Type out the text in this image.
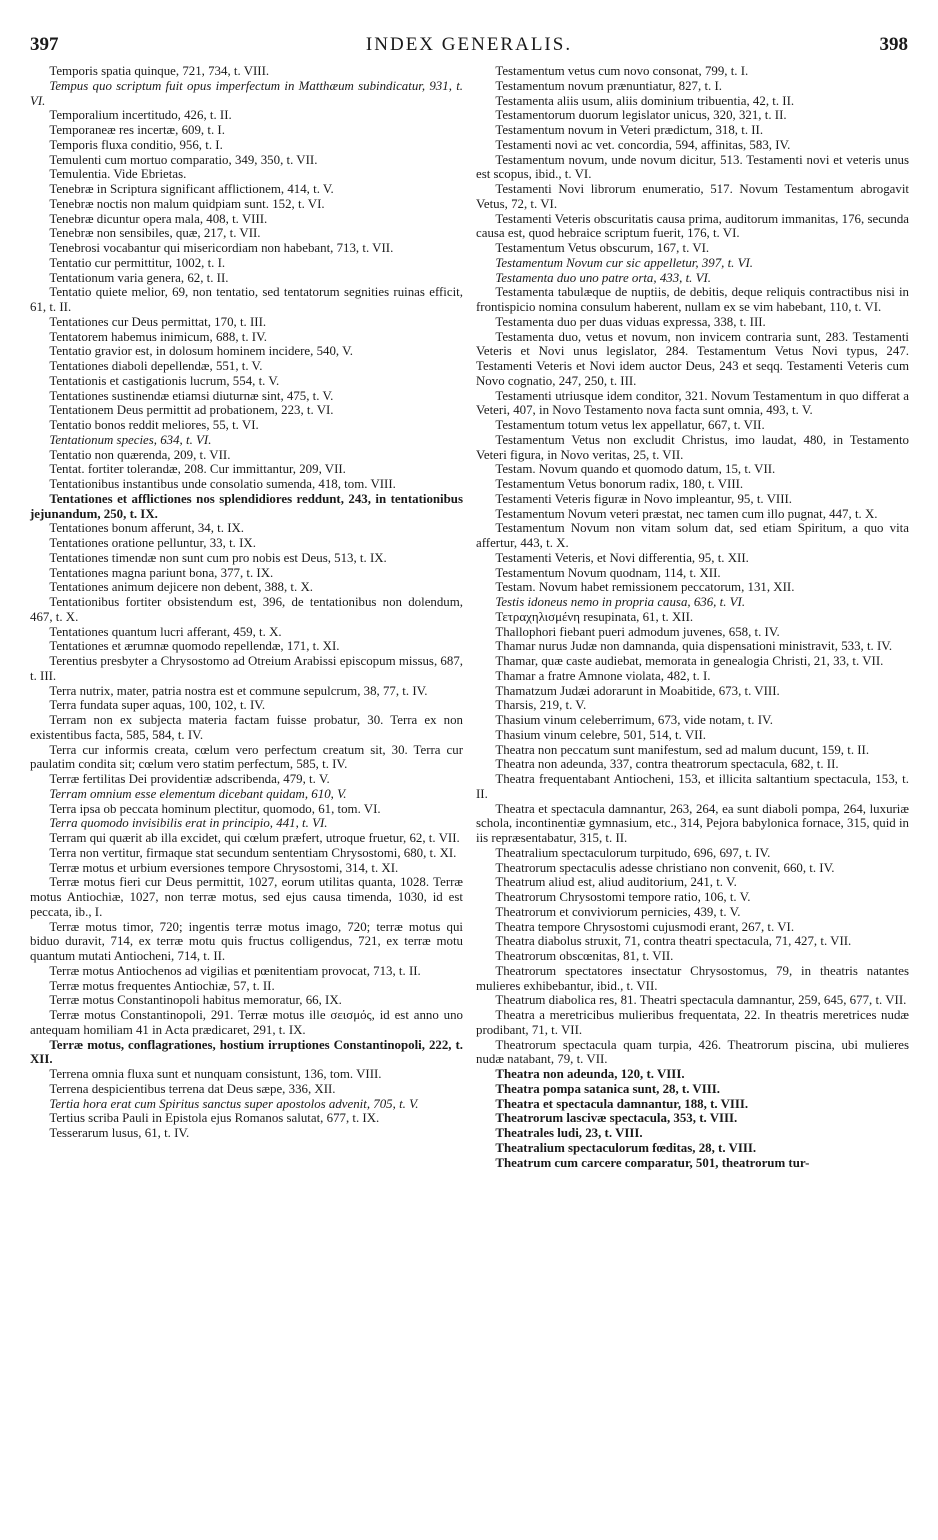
397	INDEX GENERALIS.	398

Temporis spatia quinque, 721, 734, t. VIII.

Tempus quo scriptum fuit opus imperfectum in Matthæum subindicatur, 931, t. VI.

Temporalium incertitudo, 426, t. II.

Temporaneæ res incertæ, 609, t. I.

Temporis fluxa conditio, 956, t. I.

Temulenti cum mortuo comparatio, 349, 350, t. VII.

Temulentia. Vide Ebrietas.

Tenebræ in Scriptura significant afflictionem, 414, t. V.

Tenebræ noctis non malum quidpiam sunt. 152, t. VI.

Tenebræ dicuntur opera mala, 408, t. VIII.

Tenebræ non sensibiles, quæ, 217, t. VII.

Tenebrosi vocabantur qui misericordiam non habebant, 713, t. VII.

Tentatio cur permittitur, 1002, t. I.

Tentationum varia genera, 62, t. II.

Tentatio quiete melior, 69, non tentatio, sed tentatorum segnities ruinas efficit, 61, t. II.

Tentationes cur Deus permittat, 170, t. III.

Tentatorem habemus inimicum, 688, t. IV.

Tentatio gravior est, in dolosum hominem incidere, 540, V.

Tentationes diaboli depellendæ, 551, t. V.

Tentationis et castigationis lucrum, 554, t. V.

Tentationes sustinendæ etiamsi diuturnæ sint, 475, t. V.

Tentationem Deus permittit ad probationem, 223, t. VI.

Tentatio bonos reddit meliores, 55, t. VI.

Tentationum species, 634, t. VI.

Tentatio non quærenda, 209, t. VII.

Tentat. fortiter tolerandæ, 208. Cur immittantur, 209, VII.

Tentationibus instantibus unde consolatio sumenda, 418, tom. VIII.

Tentationes et afflictiones nos splendidiores reddunt, 243, in tentationibus jejunandum, 250, t. IX.

Tentationes bonum afferunt, 34, t. IX.

Tentationes oratione pelluntur, 33, t. IX.

Tentationes timendæ non sunt cum pro nobis est Deus, 513, t. IX.

Tentationes magna pariunt bona, 377, t. IX.

Tentationes animum dejicere non debent, 388, t. X.

Tentationibus fortiter obsistendum est, 396, de tentationibus non dolendum, 467, t. X.

Tentationes quantum lucri afferant, 459, t. X.

Tentationes et ærumnæ quomodo repellendæ, 171, t. XI.

Terentius presbyter a Chrysostomo ad Otreium Arabissi episcopum missus, 687, t. III.

Terra nutrix, mater, patria nostra est et commune sepulcrum, 38, 77, t. IV.

Terra fundata super aquas, 100, 102, t. IV.

Terram non ex subjecta materia factam fuisse probatur, 30. Terra ex non existentibus facta, 585, 584, t. IV.

Terra cur informis creata, cœlum vero perfectum creatum sit, 30. Terra cur paulatim condita sit; cœlum vero statim perfectum, 585, t. IV.

Terræ fertilitas Dei providentiæ adscribenda, 479, t. V.

Terram omnium esse elementum dicebant quidam, 610, V.

Terra ipsa ob peccata hominum plectitur, quomodo, 61, tom. VI.

Terra quomodo invisibilis erat in principio, 441, t. VI.

Terram qui quærit ab illa excidet, qui cœlum præfert, utroque fruetur, 62, t. VII.

Terra non vertitur, firmaque stat secundum sententiam Chrysostomi, 680, t. XI.

Terræ motus et urbium eversiones tempore Chrysostomi, 314, t. XI.

Terræ motus fieri cur Deus permittit, 1027, eorum utilitas quanta, 1028. Terræ motus Antiochiæ, 1027, non terræ motus, sed ejus causa timenda, 1030, id est peccata, ib., I.

Terræ motus timor, 720; ingentis terræ motus imago, 720; terræ motus qui biduo duravit, 714, ex terræ motu quis fructus colligendus, 721, ex terræ motu quantum mutati Antiocheni, 714, t. II.

Terræ motus Antiochenos ad vigilias et pœnitentiam provocat, 713, t. II.

Terræ motus frequentes Antiochiæ, 57, t. II.

Terræ motus Constantinopoli habitus memoratur, 66, IX.

Terræ motus Constantinopoli, 291. Terræ motus ille σεισμός, id est anno uno antequam homiliam 41 in Acta prædicaret, 291, t. IX.

Terræ motus, conflagrationes, hostium irruptiones Constantinopoli, 222, t. XII.

Terrena omnia fluxa sunt et nunquam consistunt, 136, tom. VIII.

Terrena despicientibus terrena dat Deus sæpe, 336, XII.

Tertia hora erat cum Spiritus sanctus super apostolos advenit, 705, t. V.

Tertius scriba Pauli in Epistola ejus Romanos salutat, 677, t. IX.

Tesserarum lusus, 61, t. IV.

Testamentum vetus cum novo consonat, 799, t. I.

Testamentum novum prænuntiatur, 827, t. I.

Testamenta aliis usum, aliis dominium tribuentia, 42, t. II.

Testamentorum duorum legislator unicus, 320, 321, t. II.

Testamentum novum in Veteri prædictum, 318, t. II.

Testamenti novi ac vet. concordia, 594, affinitas, 583, IV.

Testamentum novum, unde novum dicitur, 513. Testamenti novi et veteris unus est scopus, ibid., t. VI.

Testamenti Novi librorum enumeratio, 517. Novum Testamentum abrogavit Vetus, 72, t. VI.

Testamenti Veteris obscuritatis causa prima, auditorum immanitas, 176, secunda causa est, quod hebraice scriptum fuerit, 176, t. VI.

Testamentum Vetus obscurum, 167, t. VI.

Testamentum Novum cur sic appelletur, 397, t. VI.

Testamenta duo uno patre orta, 433, t. VI.

Testamenta tabulæque de nuptiis, de debitis, deque reliquis contractibus nisi in frontispicio nomina consulum haberent, nullam ex se vim habebant, 110, t. VI.

Testamenta duo per duas viduas expressa, 338, t. III.

Testamenta duo, vetus et novum, non invicem contraria sunt, 283. Testamenti Veteris et Novi unus legislator, 284. Testamentum Vetus Novi typus, 247. Testamenti Veteris et Novi idem auctor Deus, 243 et seqq. Testamenti Veteris cum Novo cognatio, 247, 250, t. III.

Testamenti utriusque idem conditor, 321. Novum Testamentum in quo differat a Veteri, 407, in Novo Testamento nova facta sunt omnia, 493, t. V.

Testamentum totum vetus lex appellatur, 667, t. VII.

Testamentum Vetus non excludit Christus, imo laudat, 480, in Testamento Veteri figura, in Novo veritas, 25, t. VII.

Testam. Novum quando et quomodo datum, 15, t. VII.

Testamentum Vetus bonorum radix, 180, t. VIII.

Testamenti Veteris figuræ in Novo impleantur, 95, t. VIII.

Testamentum Novum veteri præstat, nec tamen cum illo pugnat, 447, t. X.

Testamentum Novum non vitam solum dat, sed etiam Spiritum, a quo vita affertur, 443, t. X.

Testamenti Veteris, et Novi differentia, 95, t. XII.

Testamentum Novum quodnam, 114, t. XII.

Testam. Novum habet remissionem peccatorum, 131, XII.

Testis idoneus nemo in propria causa, 636, t. VI.

Τετραχηλισμένη resupinata, 61, t. XII.

Thallophori fiebant pueri admodum juvenes, 658, t. IV.

Thamar nurus Judæ non damnanda, quia dispensationi ministravit, 533, t. IV.

Thamar, quæ caste audiebat, memorata in genealogia Christi, 21, 33, t. VII.

Thamar a fratre Amnone violata, 482, t. I.

Thamatzum Judæi adorarunt in Moabitide, 673, t. VIII.

Tharsis, 219, t. V.

Thasium vinum celeberrimum, 673, vide notam, t. IV.

Thasium vinum celebre, 501, 514, t. VII.

Theatra non peccatum sunt manifestum, sed ad malum ducunt, 159, t. II.

Theatra non adeunda, 337, contra theatrorum spectacula, 682, t. II.

Theatra frequentabant Antiocheni, 153, et illicita saltantium spectacula, 153, t. II.

Theatra et spectacula damnantur, 263, 264, ea sunt diaboli pompa, 264, luxuriæ schola, incontinentiæ gymnasium, etc., 314, Pejora babylonica fornace, 315, quid in iis repræsentabatur, 315, t. II.

Theatralium spectaculorum turpitudo, 696, 697, t. IV.

Theatrorum spectaculis adesse christiano non convenit, 660, t. IV.

Theatrum aliud est, aliud auditorium, 241, t. V.

Theatrorum Chrysostomi tempore ratio, 106, t. V.

Theatrorum et conviviorum pernicies, 439, t. V.

Theatra tempore Chrysostomi cujusmodi erant, 267, t. VI.

Theatra diabolus struxit, 71, contra theatri spectacula, 71, 427, t. VII.

Theatrorum obscœnitas, 81, t. VII.

Theatrorum spectatores insectatur Chrysostomus, 79, in theatris natantes mulieres exhibebantur, ibid., t. VII.

Theatrum diabolica res, 81. Theatri spectacula damnantur, 259, 645, 677, t. VII.

Theatra a meretricibus mulieribus frequentata, 22. In theatris meretrices nudæ prodibant, 71, t. VII.

Theatrorum spectacula quam turpia, 426. Theatrorum piscina, ubi mulieres nudæ natabant, 79, t. VII.

Theatra non adeunda, 120, t. VIII.

Theatra pompa satanica sunt, 28, t. VIII.

Theatra et spectacula damnantur, 188, t. VIII.

Theatrorum lascivæ spectacula, 353, t. VIII.

Theatrales ludi, 23, t. VIII.

Theatralium spectaculorum fœditas, 28, t. VIII.

Theatrum cum carcere comparatur, 501, theatrorum tur-
